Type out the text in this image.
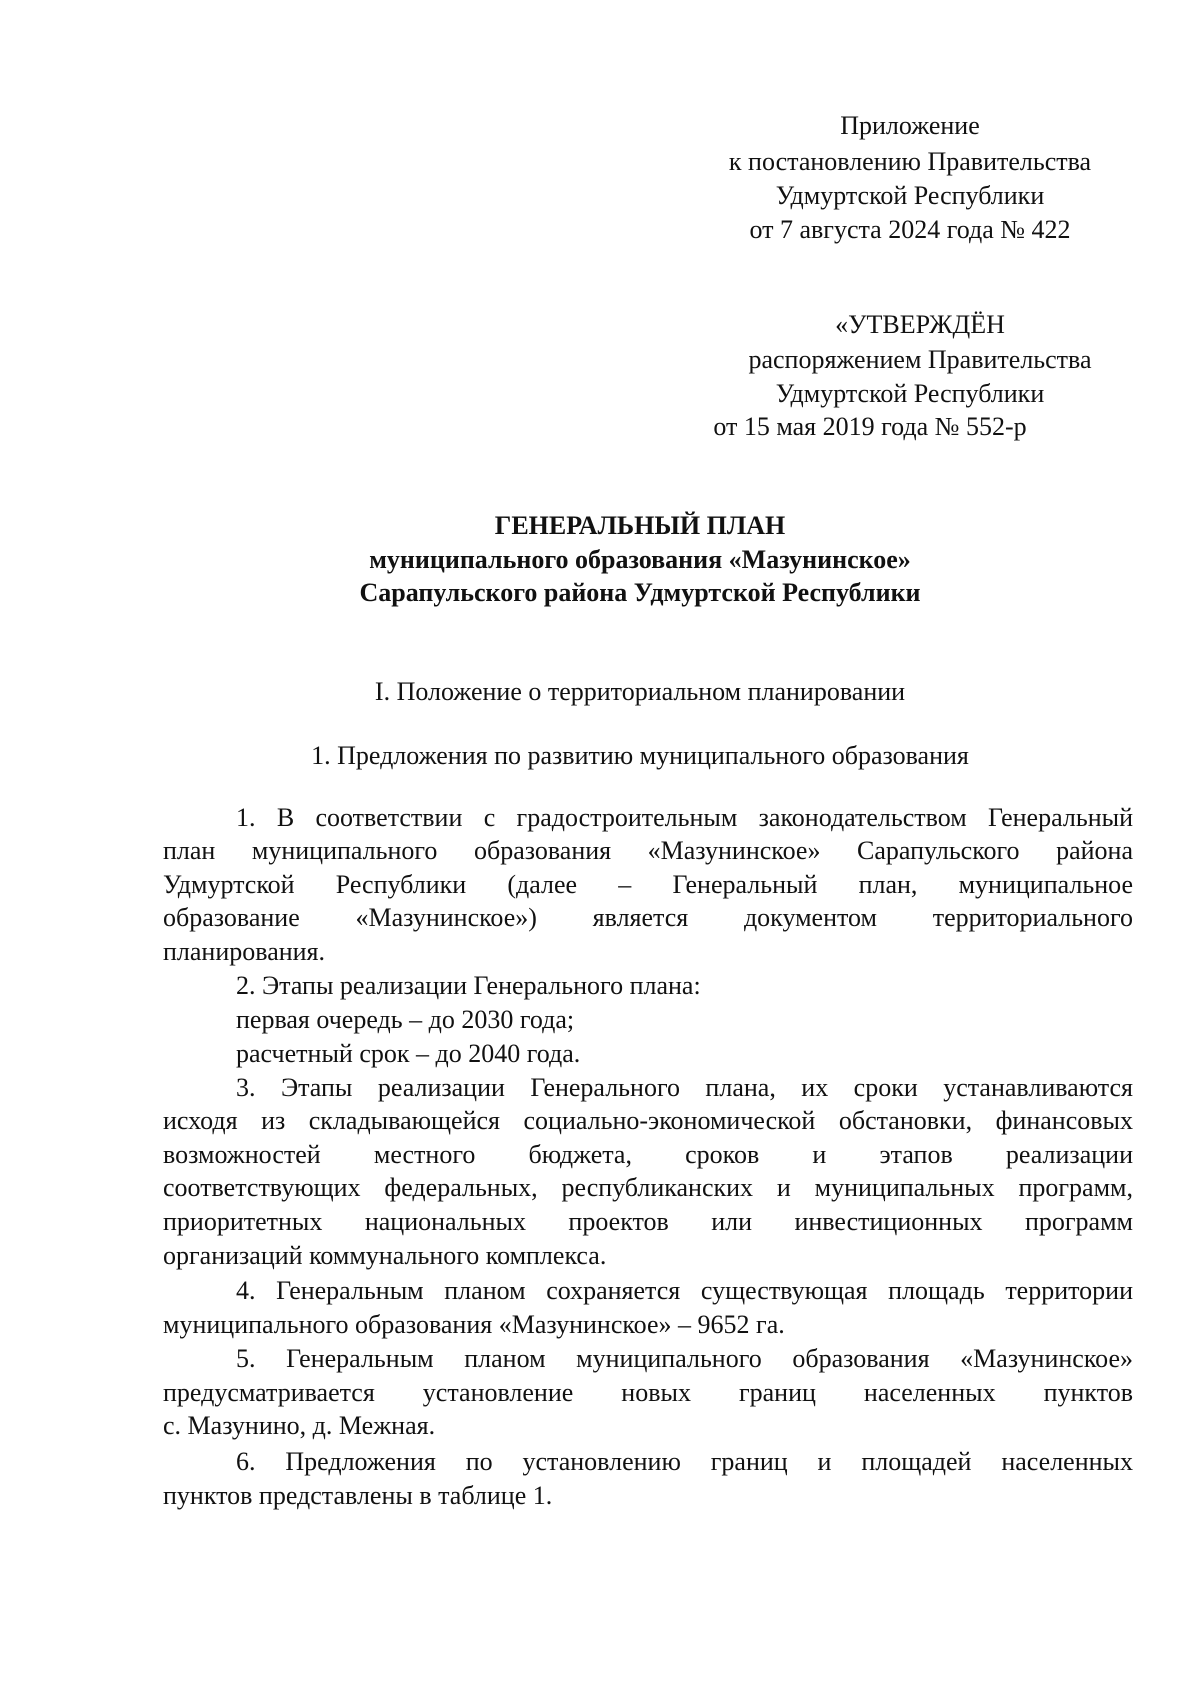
Приложение
к постановлению Правительства
Удмуртской Республики
от 7 августа 2024 года № 422
«УТВЕРЖДЁН
распоряжением Правительства
Удмуртской Республики
от 15 мая 2019 года № 552-р
ГЕНЕРАЛЬНЫЙ ПЛАН
муниципального образования «Мазунинское»
Сарапульского района Удмуртской Республики
I. Положение о территориальном планировании
1. Предложения по развитию муниципального образования
1. В соответствии с градостроительным законодательством Генеральный
план муниципального образования «Мазунинское» Сарапульского района
Удмуртской Республики (далее – Генеральный план, муниципальное
образование «Мазунинское») является документом территориального
планирования.
2. Этапы реализации Генерального плана:
первая очередь – до 2030 года;
расчетный срок – до 2040 года.
3. Этапы реализации Генерального плана, их сроки устанавливаются
исходя из складывающейся социально-экономической обстановки, финансовых
возможностей местного бюджета, сроков и этапов реализации
соответствующих федеральных, республиканских и муниципальных программ,
приоритетных национальных проектов или инвестиционных программ
организаций коммунального комплекса.
4. Генеральным планом сохраняется существующая площадь территории
муниципального образования «Мазунинское» – 9652 га.
5. Генеральным планом муниципального образования «Мазунинское»
предусматривается установление новых границ населенных пунктов
с. Мазунино, д. Межная.
6. Предложения по установлению границ и площадей населенных
пунктов представлены в таблице 1.
